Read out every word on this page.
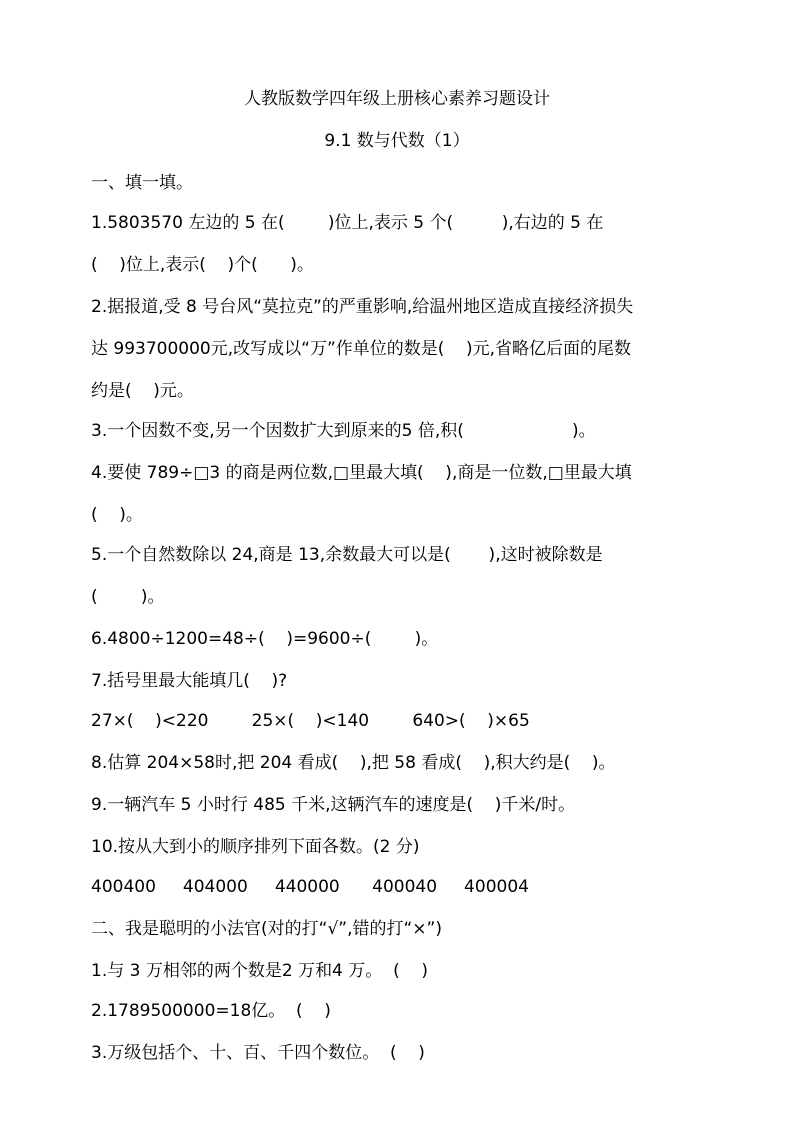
人教版数学四年级上册核心素养习题设计
9.1 数与代数（1）
一、填一填。
1.5803570 左边的 5 在(        )位上,表示 5 个(         ),右边的 5 在
(    )位上,表示(    )个(      )。
2.据报道,受 8 号台风“莫拉克”的严重影响,给温州地区造成直接经济损失
达 993700000元,改写成以“万”作单位的数是(    )元,省略亿后面的尾数
约是(    )元。
3.一个因数不变,另一个因数扩大到原来的5 倍,积(                    )。
4.要使 789÷□3 的商是两位数,□里最大填(    ),商是一位数,□里最大填
(    )。
5.一个自然数除以 24,商是 13,余数最大可以是(       ),这时被除数是
(        )。
6.4800÷1200=48÷(    )=9600÷(        )。
7.括号里最大能填几(    )?
27×(    )<220        25×(    )<140        640>(    )×65
8.估算 204×58时,把 204 看成(    ),把 58 看成(    ),积大约是(    )。
9.一辆汽车 5 小时行 485 千米,这辆汽车的速度是(    )千米/时。
10.按从大到小的顺序排列下面各数。(2 分)
400400     404000     440000      400040     400004
二、我是聪明的小法官(对的打“√”,错的打“×”)
1.与 3 万相邻的两个数是2 万和4 万。  (    )
2.1789500000=18亿。  (    )
3.万级包括个、十、百、千四个数位。  (    )
